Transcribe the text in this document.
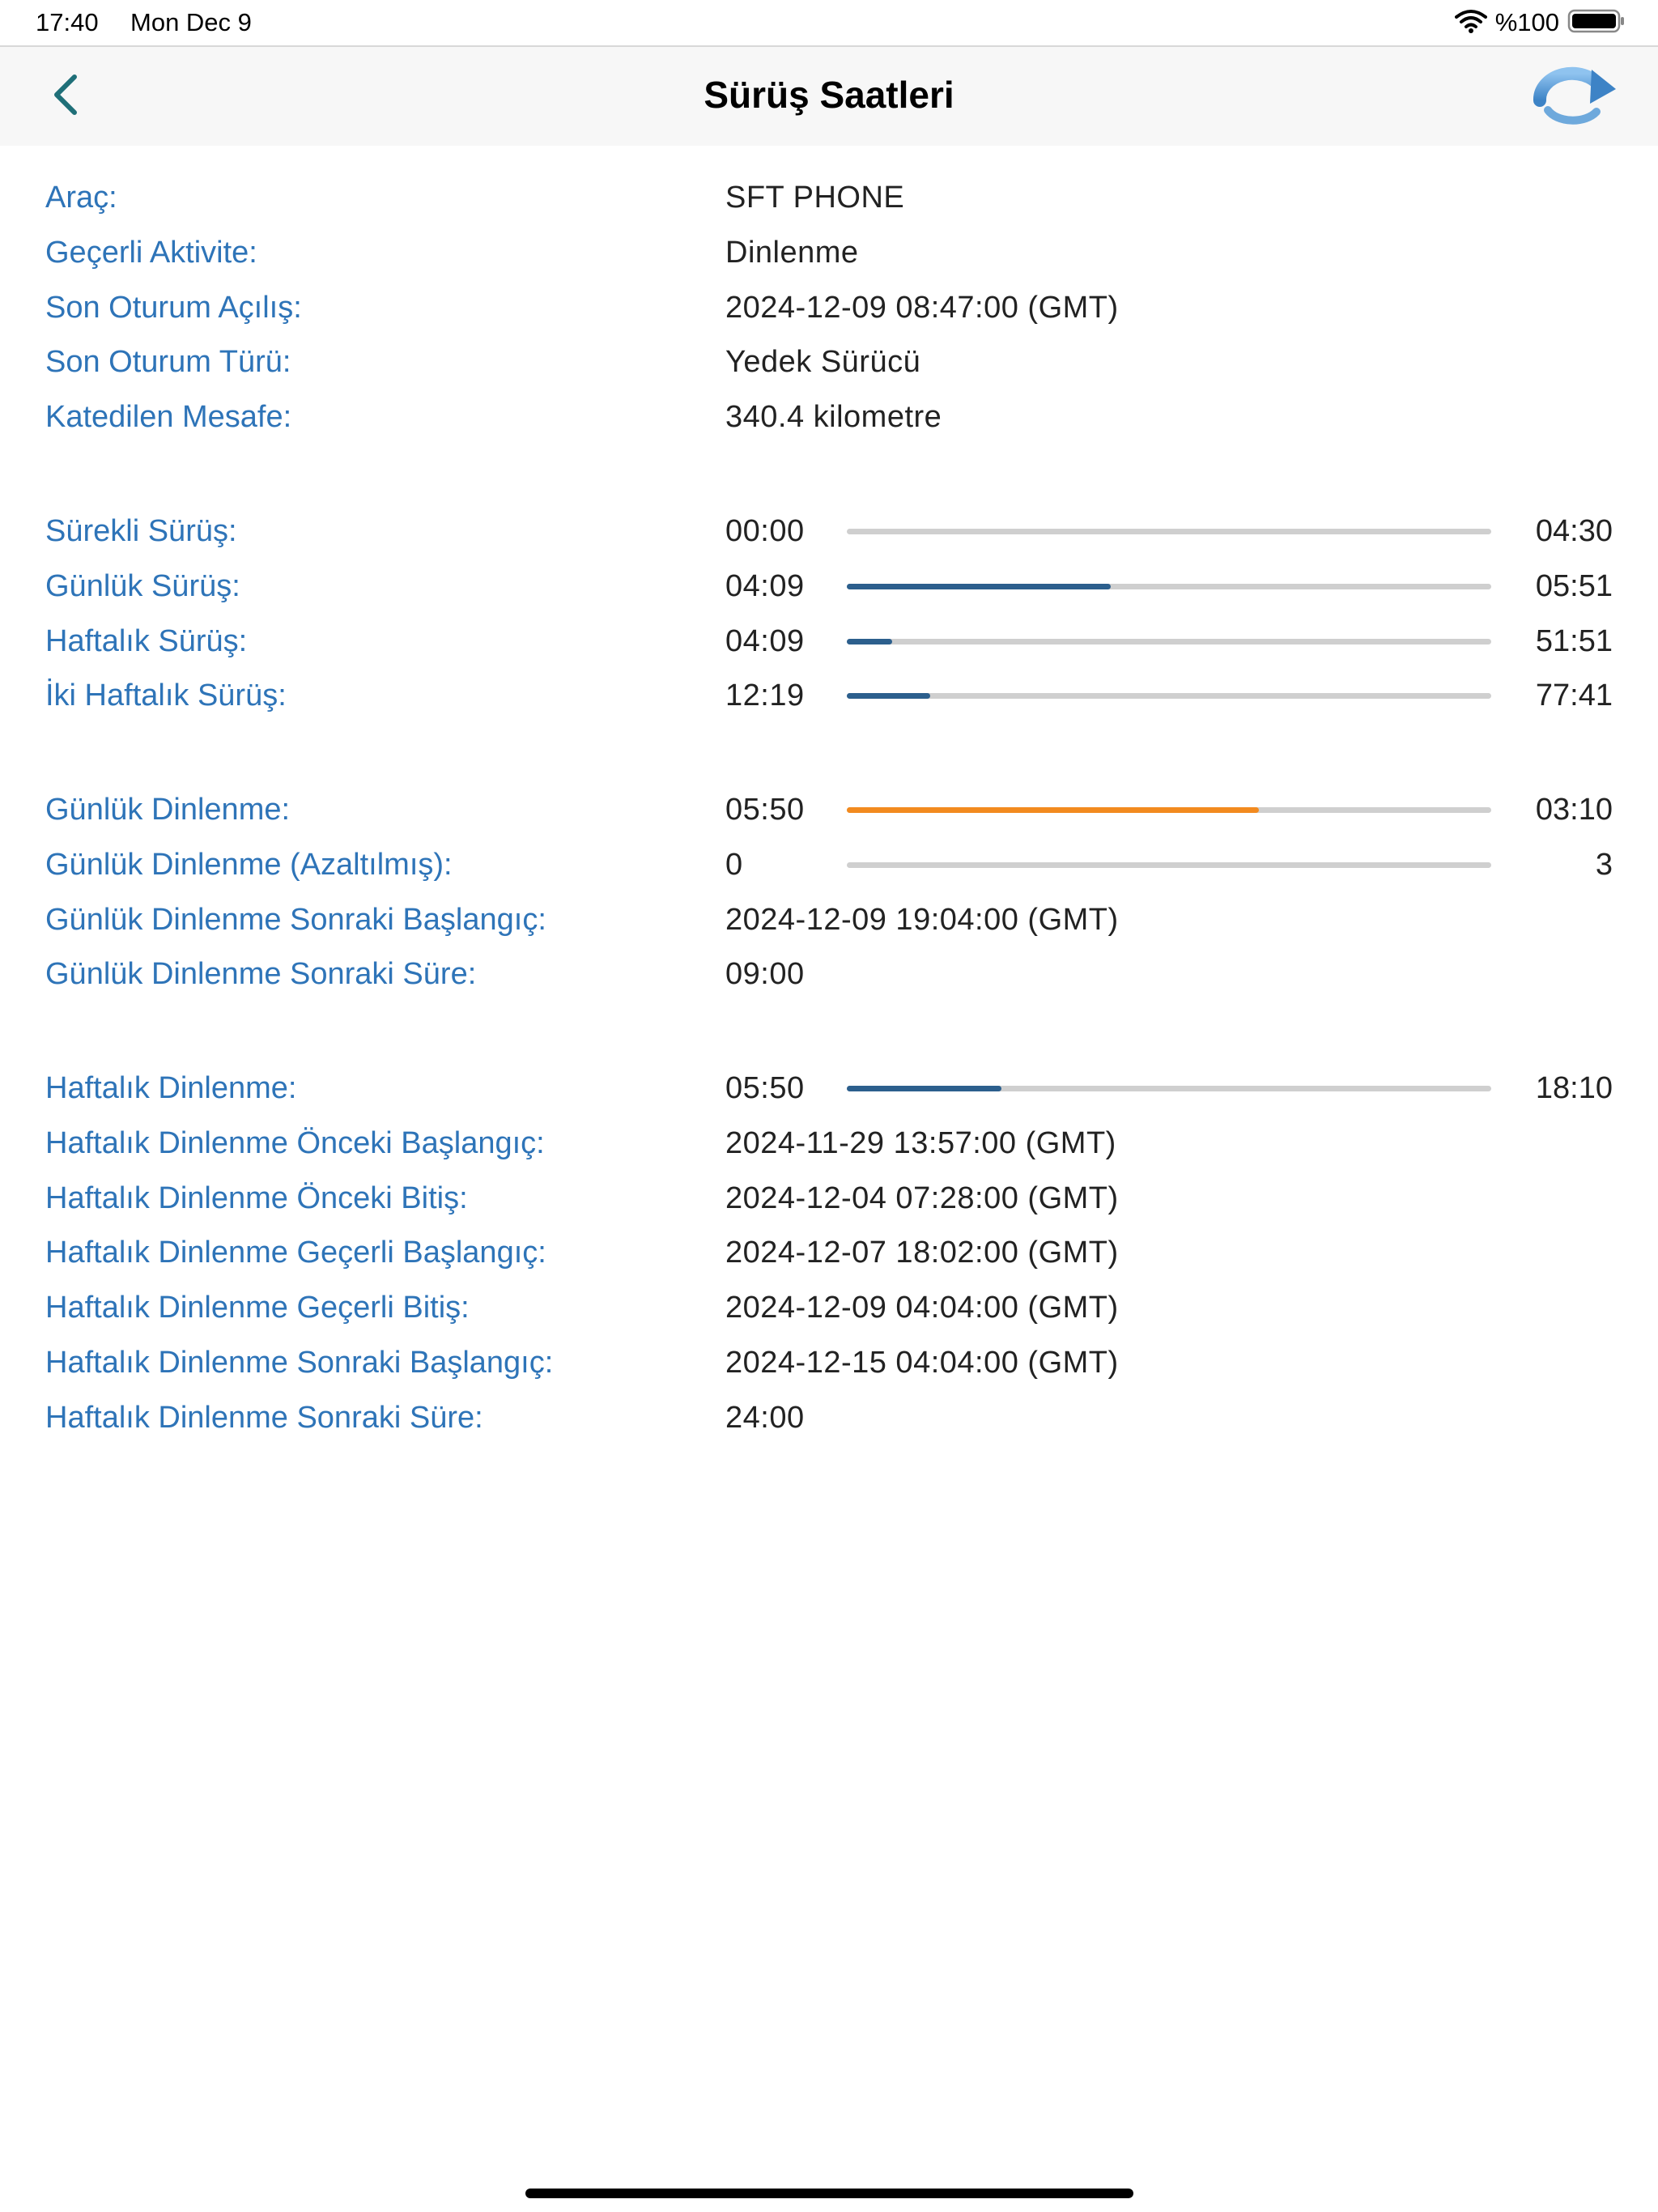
17:40 Mon Dec 9	%100
Sürüş Saatleri
Araç:	SFT PHONE
Geçerli Aktivite:	Dinlenme
Son Oturum Açılış:	2024-12-09 08:47:00 (GMT)
Son Oturum Türü:	Yedek Sürücü
Katedilen Mesafe:	340.4 kilometre
Sürekli Sürüş:	00:00	04:30
Günlük Sürüş:	04:09	05:51
Haftalık Sürüş:	04:09	51:51
İki Haftalık Sürüş:	12:19	77:41
Günlük Dinlenme:	05:50	03:10
Günlük Dinlenme (Azaltılmış):	0	3
Günlük Dinlenme Sonraki Başlangıç:	2024-12-09 19:04:00 (GMT)
Günlük Dinlenme Sonraki Süre:	09:00
Haftalık Dinlenme:	05:50	18:10
Haftalık Dinlenme Önceki Başlangıç:	2024-11-29 13:57:00 (GMT)
Haftalık Dinlenme Önceki Bitiş:	2024-12-04 07:28:00 (GMT)
Haftalık Dinlenme Geçerli Başlangıç:	2024-12-07 18:02:00 (GMT)
Haftalık Dinlenme Geçerli Bitiş:	2024-12-09 04:04:00 (GMT)
Haftalık Dinlenme Sonraki Başlangıç:	2024-12-15 04:04:00 (GMT)
Haftalık Dinlenme Sonraki Süre:	24:00
